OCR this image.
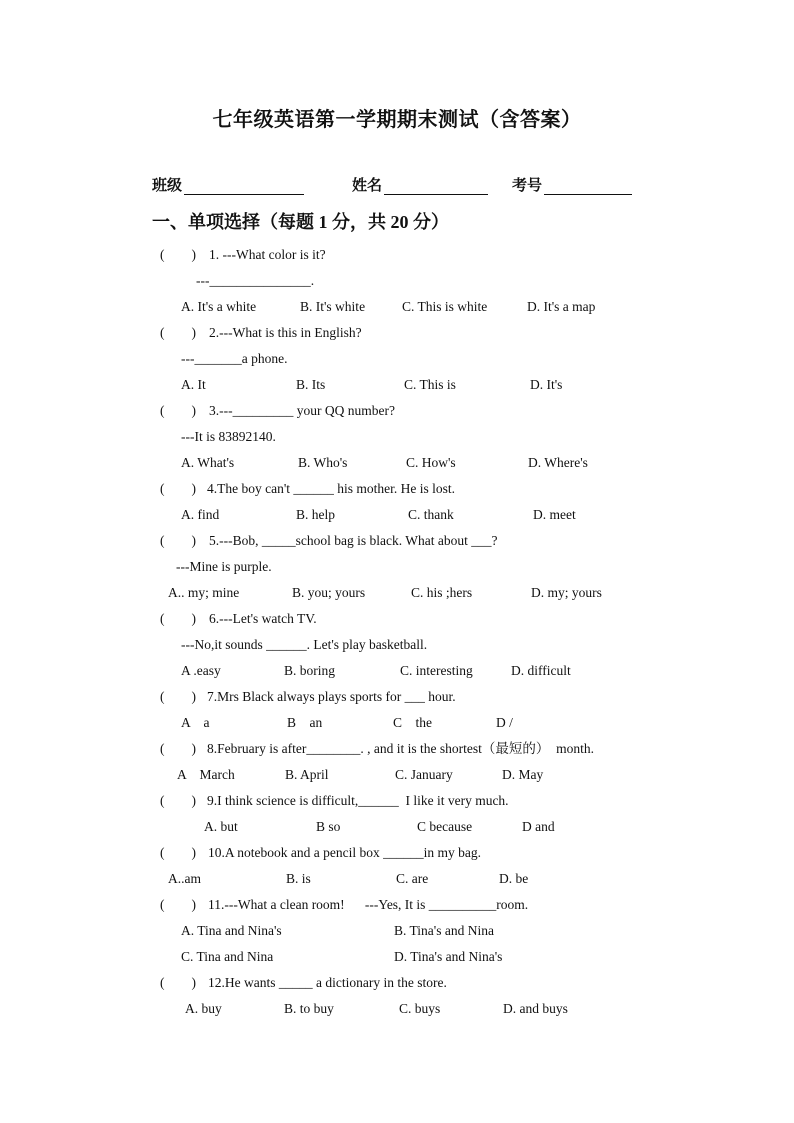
七年级英语第一学期期末测试（含答案）
班级	姓名	考号
一、单项选择（每题 1 分，共 20 分）
(        ) 1. ---What color is it?
---_______________.
A. It's a white	B. It's white	C. This is white	D. It's a map
(        ) 2.---What is this in English?
---_______a phone.
A. It	B. Its	C. This is	D. It's
(        ) 3.---_________ your QQ number?
---It is 83892140.
A. What's	B. Who's	C. How's	D. Where's
(        ) 4.The boy can't ______ his mother. He is lost.
A. find	B. help	C. thank	D. meet
(        ) 5.---Bob, _____school bag is black. What about ___?
---Mine is purple.
A.. my; mine	B. you; yours	C. his ;hers	D. my; yours
(        ) 6.---Let's watch TV.
---No,it sounds ______. Let's play basketball.
A .easy	B. boring	C. interesting	D. difficult
(        ) 7.Mrs Black always plays sports for ___ hour.
A    a	B    an	C    the	D /
(        ) 8.February is after________. , and it is the shortest（最短的）  month.
A    March	B. April	C. January	D. May
(        ) 9.I think science is difficult,______  I like it very much.
A. but	B so	C because	D and
(        ) 10.A notebook and a pencil box ______in my bag.
A..am	B. is	C. are	D. be
(        ) 11.---What a clean room!      ---Yes, It is __________room.
A. Tina and Nina's	B. Tina's and Nina
C. Tina and Nina	D. Tina's and Nina's
(        ) 12.He wants _____ a dictionary in the store.
A. buy	B. to buy	C. buys	D. and buys
